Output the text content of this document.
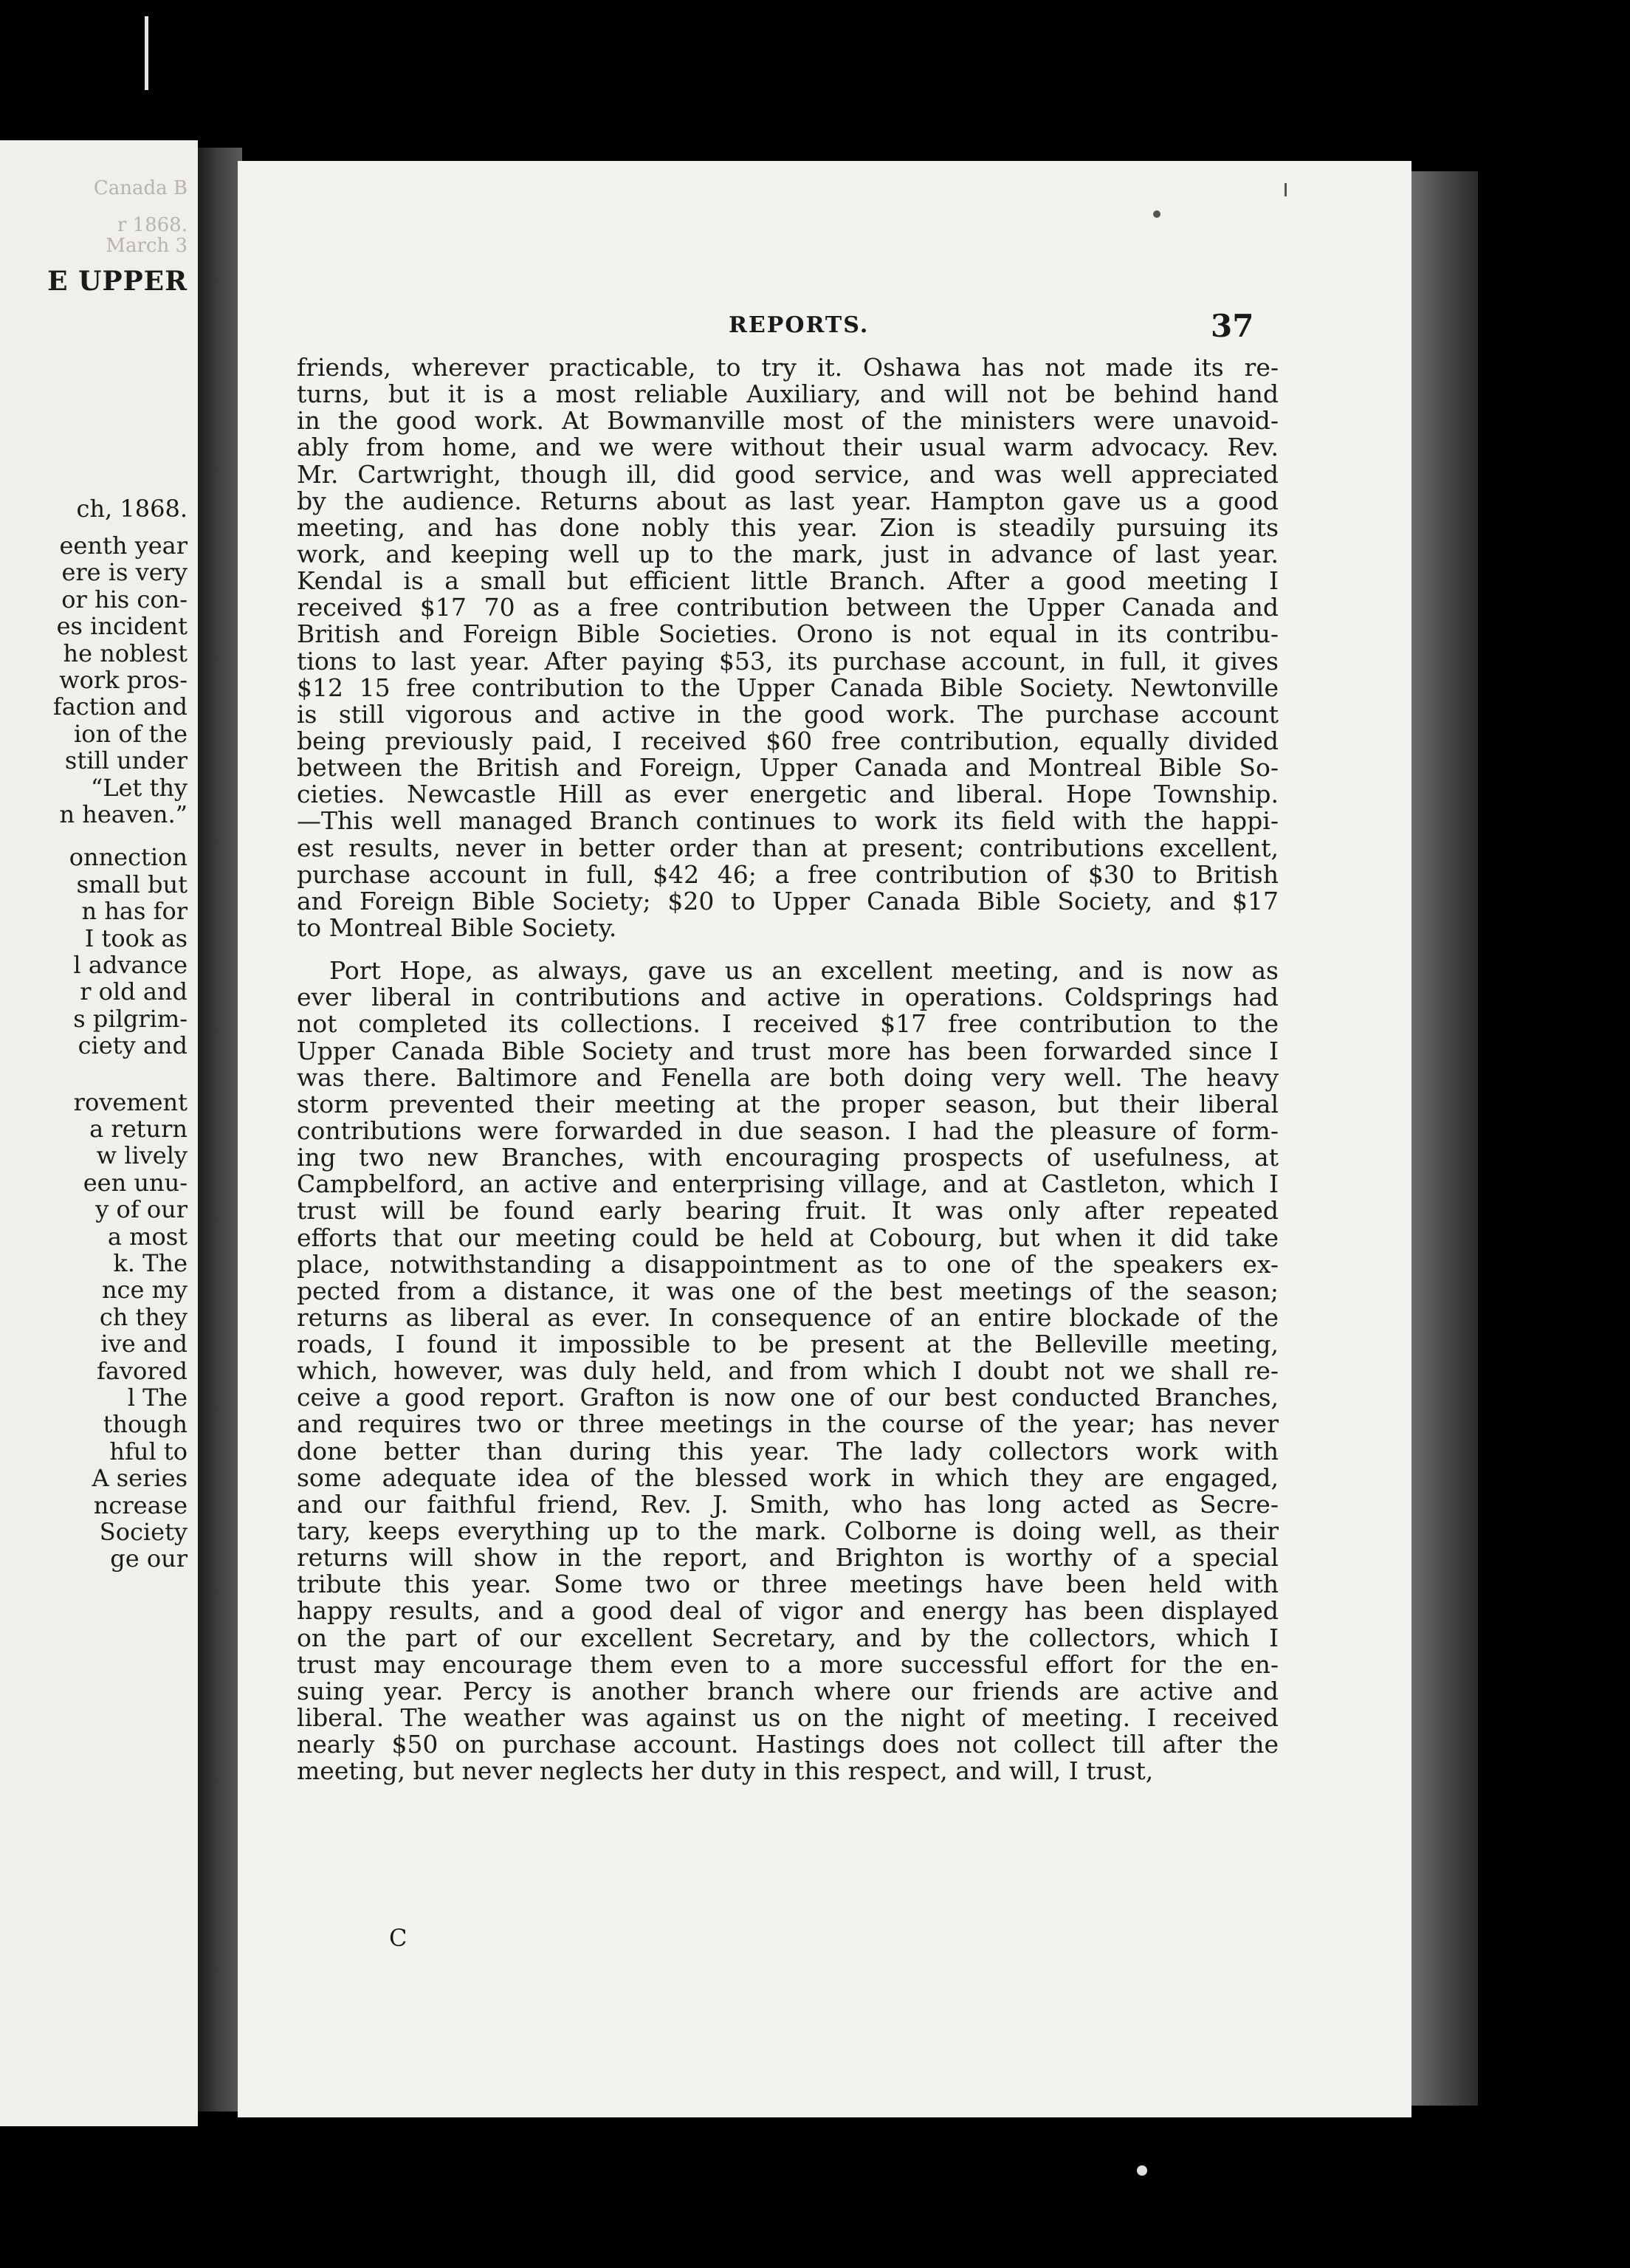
Canada B
r 1868.
March 3
E UPPER
ch, 1868.
eenth year
ere is very
or his con-
es incident
he noblest
work pros-
faction and
ion of the
still under
“Let thy
n heaven.”
onnection
small but
n has for
I took as
l advance
r old and
s pilgrim-
ciety and
rovement
a return
w lively
een unu-
y of our
a most
k. The
nce my
ch they
ive and
favored
l The
though
hful to
A series
ncrease
Society
ge our
REPORTS.	37
friends, wherever practicable, to try it. Oshawa has not made its re-
turns, but it is a most reliable Auxiliary, and will not be behind hand
in the good work. At Bowmanville most of the ministers were unavoid-
ably from home, and we were without their usual warm advocacy. Rev.
Mr. Cartwright, though ill, did good service, and was well appreciated
by the audience. Returns about as last year. Hampton gave us a good
meeting, and has done nobly this year. Zion is steadily pursuing its
work, and keeping well up to the mark, just in advance of last year.
Kendal is a small but efficient little Branch. After a good meeting I
received $17 70 as a free contribution between the Upper Canada and
British and Foreign Bible Societies. Orono is not equal in its contribu-
tions to last year. After paying $53, its purchase account, in full, it gives
$12 15 free contribution to the Upper Canada Bible Society. Newtonville
is still vigorous and active in the good work. The purchase account
being previously paid, I received $60 free contribution, equally divided
between the British and Foreign, Upper Canada and Montreal Bible So-
cieties. Newcastle Hill as ever energetic and liberal. Hope Township.
—This well managed Branch continues to work its field with the happi-
est results, never in better order than at present; contributions excellent,
purchase account in full, $42 46; a free contribution of $30 to British
and Foreign Bible Society; $20 to Upper Canada Bible Society, and $17
to Montreal Bible Society.
Port Hope, as always, gave us an excellent meeting, and is now as
ever liberal in contributions and active in operations. Coldsprings had
not completed its collections. I received $17 free contribution to the
Upper Canada Bible Society and trust more has been forwarded since I
was there. Baltimore and Fenella are both doing very well. The heavy
storm prevented their meeting at the proper season, but their liberal
contributions were forwarded in due season. I had the pleasure of form-
ing two new Branches, with encouraging prospects of usefulness, at
Campbelford, an active and enterprising village, and at Castleton, which I
trust will be found early bearing fruit. It was only after repeated
efforts that our meeting could be held at Cobourg, but when it did take
place, notwithstanding a disappointment as to one of the speakers ex-
pected from a distance, it was one of the best meetings of the season;
returns as liberal as ever. In consequence of an entire blockade of the
roads, I found it impossible to be present at the Belleville meeting,
which, however, was duly held, and from which I doubt not we shall re-
ceive a good report. Grafton is now one of our best conducted Branches,
and requires two or three meetings in the course of the year; has never
done better than during this year. The lady collectors work with
some adequate idea of the blessed work in which they are engaged,
and our faithful friend, Rev. J. Smith, who has long acted as Secre-
tary, keeps everything up to the mark. Colborne is doing well, as their
returns will show in the report, and Brighton is worthy of a special
tribute this year. Some two or three meetings have been held with
happy results, and a good deal of vigor and energy has been displayed
on the part of our excellent Secretary, and by the collectors, which I
trust may encourage them even to a more successful effort for the en-
suing year. Percy is another branch where our friends are active and
liberal. The weather was against us on the night of meeting. I received
nearly $50 on purchase account. Hastings does not collect till after the
meeting, but never neglects her duty in this respect, and will, I trust,
C
